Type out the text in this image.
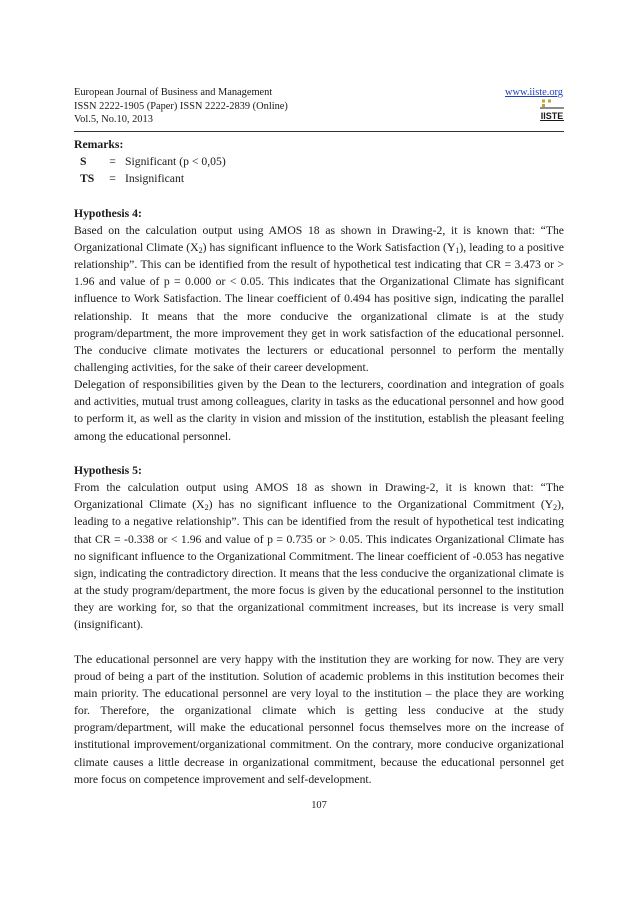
European Journal of Business and Management
ISSN 2222-1905 (Paper) ISSN 2222-2839 (Online)
Vol.5, No.10, 2013
www.iiste.org
IISTE
Remarks:
S	= Significant (p < 0,05)
TS	= Insignificant
Hypothesis 4:

Based on the calculation output using AMOS 18 as shown in Drawing-2, it is known that: “The Organizational Climate $(X_2)$ has significant influence to the Work Satisfaction $(Y_1)$, leading to a positive relationship”. This can be identified from the result of hypothetical test indicating that CR = 3.473 or > 1.96 and value of p = 0.000 or < 0.05. This indicates that the Organizational Climate has significant influence to Work Satisfaction. The linear coefficient of 0.494 has positive sign, indicating the parallel relationship. It means that the more conducive the organizational climate is at the study program/department, the more improvement they get in work satisfaction of the educational personnel. The conducive climate motivates the lecturers or educational personnel to perform the mentally challenging activities, for the sake of their career development.

Delegation of responsibilities given by the Dean to the lecturers, coordination and integration of goals and activities, mutual trust among colleagues, clarity in tasks as the educational personnel and how good to perform it, as well as the clarity in vision and mission of the institution, establish the pleasant feeling among the educational personnel.

Hypothesis 5:

From the calculation output using AMOS 18 as shown in Drawing-2, it is known that: “The Organizational Climate $(X_2)$ has no significant influence to the Organizational Commitment $(Y_2)$, leading to a negative relationship”. This can be identified from the result of hypothetical test indicating that CR = -0.338 or < 1.96 and value of p = 0.735 or > 0.05. This indicates Organizational Climate has no significant influence to the Organizational Commitment. The linear coefficient of -0.053 has negative sign, indicating the contradictory direction. It means that the less conducive the organizational climate is at the study program/department, the more focus is given by the educational personnel to the institution they are working for, so that the organizational commitment increases, but its increase is very small (insignificant).

The educational personnel are very happy with the institution they are working for now. They are very proud of being a part of the institution. Solution of academic problems in this institution becomes their main priority. The educational personnel are very loyal to the institution – the place they are working for. Therefore, the organizational climate which is getting less conducive at the study program/department, will make the educational personnel focus themselves more on the increase of institutional improvement/organizational commitment. On the contrary, more conducive organizational climate causes a little decrease in organizational commitment, because the educational personnel get more focus on competence improvement and self-development.

107
